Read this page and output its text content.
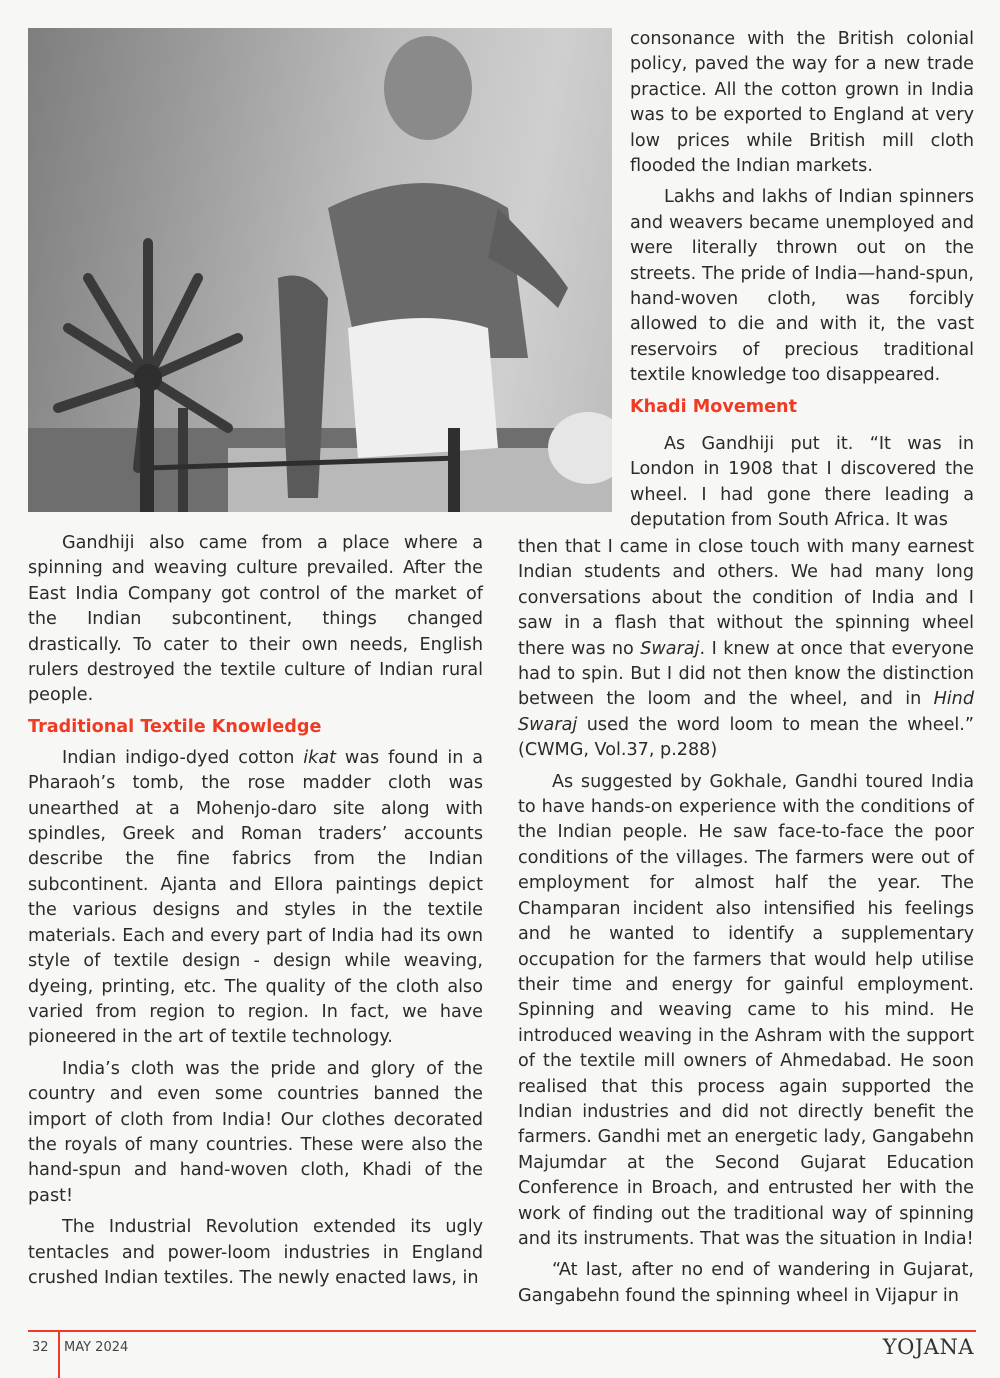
consonance with the British colonial policy, paved the way for a new trade practice. All the cotton grown in India was to be exported to England at very low prices while British mill cloth flooded the Indian markets.

Lakhs and lakhs of Indian spinners and weavers became unemployed and were literally thrown out on the streets. The pride of India—hand-spun, hand-woven cloth, was forcibly allowed to die and with it, the vast reservoirs of precious traditional textile knowledge too disappeared.

Khadi Movement

As Gandhiji put it. “It was in London in 1908 that I discovered the wheel. I had gone there leading a deputation from South Africa. It was

then that I came in close touch with many earnest Indian students and others. We had many long conversations about the condition of India and I saw in a flash that without the spinning wheel there was no Swaraj. I knew at once that everyone had to spin. But I did not then know the distinction between the loom and the wheel, and in Hind Swaraj used the word loom to mean the wheel.” (CWMG, Vol.37, p.288)

As suggested by Gokhale, Gandhi toured India to have hands-on experience with the conditions of the Indian people. He saw face-to-face the poor conditions of the villages. The farmers were out of employment for almost half the year. The Champaran incident also intensified his feelings and he wanted to identify a supplementary occupation for the farmers that would help utilise their time and energy for gainful employment. Spinning and weaving came to his mind. He introduced weaving in the Ashram with the support of the textile mill owners of Ahmedabad. He soon realised that this process again supported the Indian industries and did not directly benefit the farmers. Gandhi met an energetic lady, Gangabehn Majumdar at the Second Gujarat Education Conference in Broach, and entrusted her with the work of finding out the traditional way of spinning and its instruments. That was the situation in India!

“At last, after no end of wandering in Gujarat, Gangabehn found the spinning wheel in Vijapur in

Gandhiji also came from a place where a spinning and weaving culture prevailed. After the East India Company got control of the market of the Indian subcontinent, things changed drastically. To cater to their own needs, English rulers destroyed the textile culture of Indian rural people.

Traditional Textile Knowledge

Indian indigo-dyed cotton ikat was found in a Pharaoh’s tomb, the rose madder cloth was unearthed at a Mohenjo-daro site along with spindles, Greek and Roman traders’ accounts describe the fine fabrics from the Indian subcontinent. Ajanta and Ellora paintings depict the various designs and styles in the textile materials. Each and every part of India had its own style of textile design - design while weaving, dyeing, printing, etc. The quality of the cloth also varied from region to region. In fact, we have pioneered in the art of textile technology.

India’s cloth was the pride and glory of the country and even some countries banned the import of cloth from India! Our clothes decorated the royals of many countries. These were also the hand-spun and hand-woven cloth, Khadi of the past!

The Industrial Revolution extended its ugly tentacles and power-loom industries in England crushed Indian textiles. The newly enacted laws, in

32 MAY 2024	YOJANA
